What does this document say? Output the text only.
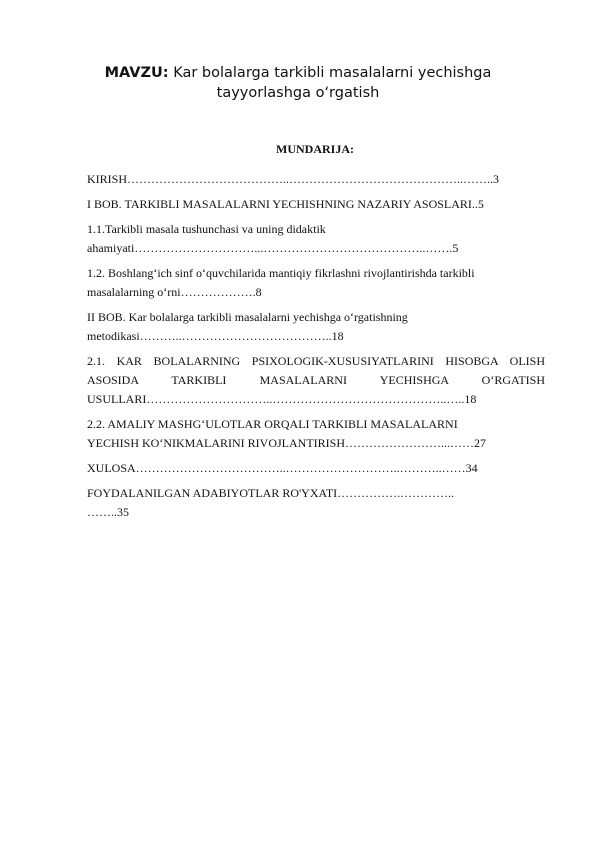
MAVZU: Kar bolalarga tarkibli masalalarni yechishga
tayyorlashga o‘rgatish
MUNDARIJA:
KIRISH…………………………………..……………………………………..……..3
I BOB. TARKIBLI MASALALARNI YECHISHNING NAZARIY ASOSLARI..5
1.1.Tarkibli masala tushunchasi va uning didaktik
ahamiyati…………………………...…………………………………..…….5
1.2. Boshlang‘ich sinf o‘quvchilarida mantiqiy fikrlashni rivojlantirishda tarkibli
masalalarning o‘rni……………….8
II BOB. Kar bolalarga tarkibli masalalarni yechishga o‘rgatishning
metodikasi………..………………………………..18
2.1. KAR BOLALARNING PSIXOLOGIK-XUSUSIYATLARINI HISOBGA OLISH ASOSIDA TARKIBLI MASALALARNI YECHISHGA O‘RGATISH
USULLARI…………………………..……………………………………..…..18
2.2. AMALIY MASHG‘ULOTLAR ORQALI TARKIBLI MASALALARNI
YECHISH KO‘NIKMALARINI RIVOJLANTIRISH……………………...……27
XULOSA………………………………..………………………..………..……34
FOYDALANILGAN ADABIYOTLAR RO'YXATI…………….…………..
……..35
